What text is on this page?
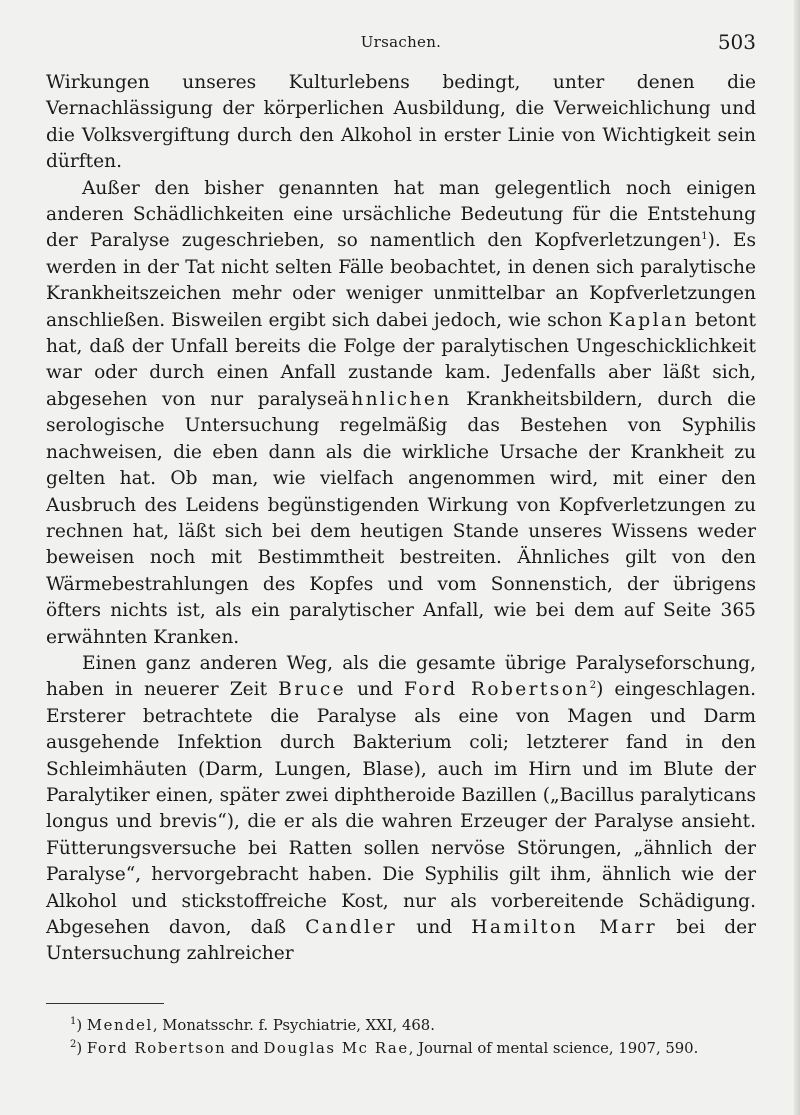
Ursachen.	503

Wirkungen unseres Kulturlebens bedingt, unter denen die Vernachlässigung der körperlichen Ausbildung, die Verweichlichung und die Volksvergiftung durch den Alkohol in erster Linie von Wichtigkeit sein dürften.

Außer den bisher genannten hat man gelegentlich noch einigen anderen Schädlichkeiten eine ursächliche Bedeutung für die Entstehung der Paralyse zugeschrieben, so namentlich den Kopfverletzungen$^1$). Es werden in der Tat nicht selten Fälle beobachtet, in denen sich paralytische Krankheitszeichen mehr oder weniger unmittelbar an Kopfverletzungen anschließen. Bisweilen ergibt sich dabei jedoch, wie schon Kaplan betont hat, daß der Unfall bereits die Folge der paralytischen Ungeschicklichkeit war oder durch einen Anfall zustande kam. Jedenfalls aber läßt sich, abgesehen von nur paralyseähnlichen Krankheitsbildern, durch die serologische Untersuchung regelmäßig das Bestehen von Syphilis nachweisen, die eben dann als die wirkliche Ursache der Krankheit zu gelten hat. Ob man, wie vielfach angenommen wird, mit einer den Ausbruch des Leidens begünstigenden Wirkung von Kopfverletzungen zu rechnen hat, läßt sich bei dem heutigen Stande unseres Wissens weder beweisen noch mit Bestimmtheit bestreiten. Ähnliches gilt von den Wärmebestrahlungen des Kopfes und vom Sonnenstich, der übrigens öfters nichts ist, als ein paralytischer Anfall, wie bei dem auf Seite 365 erwähnten Kranken.

Einen ganz anderen Weg, als die gesamte übrige Paralyseforschung, haben in neuerer Zeit Bruce und Ford Robertson$^2$) eingeschlagen. Ersterer betrachtete die Paralyse als eine von Magen und Darm ausgehende Infektion durch Bakterium coli; letzterer fand in den Schleimhäuten (Darm, Lungen, Blase), auch im Hirn und im Blute der Paralytiker einen, später zwei diphtheroide Bazillen („Bacillus paralyticans longus und brevis“), die er als die wahren Erzeuger der Paralyse ansieht. Fütterungsversuche bei Ratten sollen nervöse Störungen, „ähnlich der Paralyse“, hervorgebracht haben. Die Syphilis gilt ihm, ähnlich wie der Alkohol und stickstoffreiche Kost, nur als vorbereitende Schädigung. Abgesehen davon, daß Candler und Hamilton Marr bei der Untersuchung zahlreicher

$^1$) Mendel, Monatsschr. f. Psychiatrie, XXI, 468.

$^2$) Ford Robertson and Douglas Mc Rae, Journal of mental science, 1907, 590.
